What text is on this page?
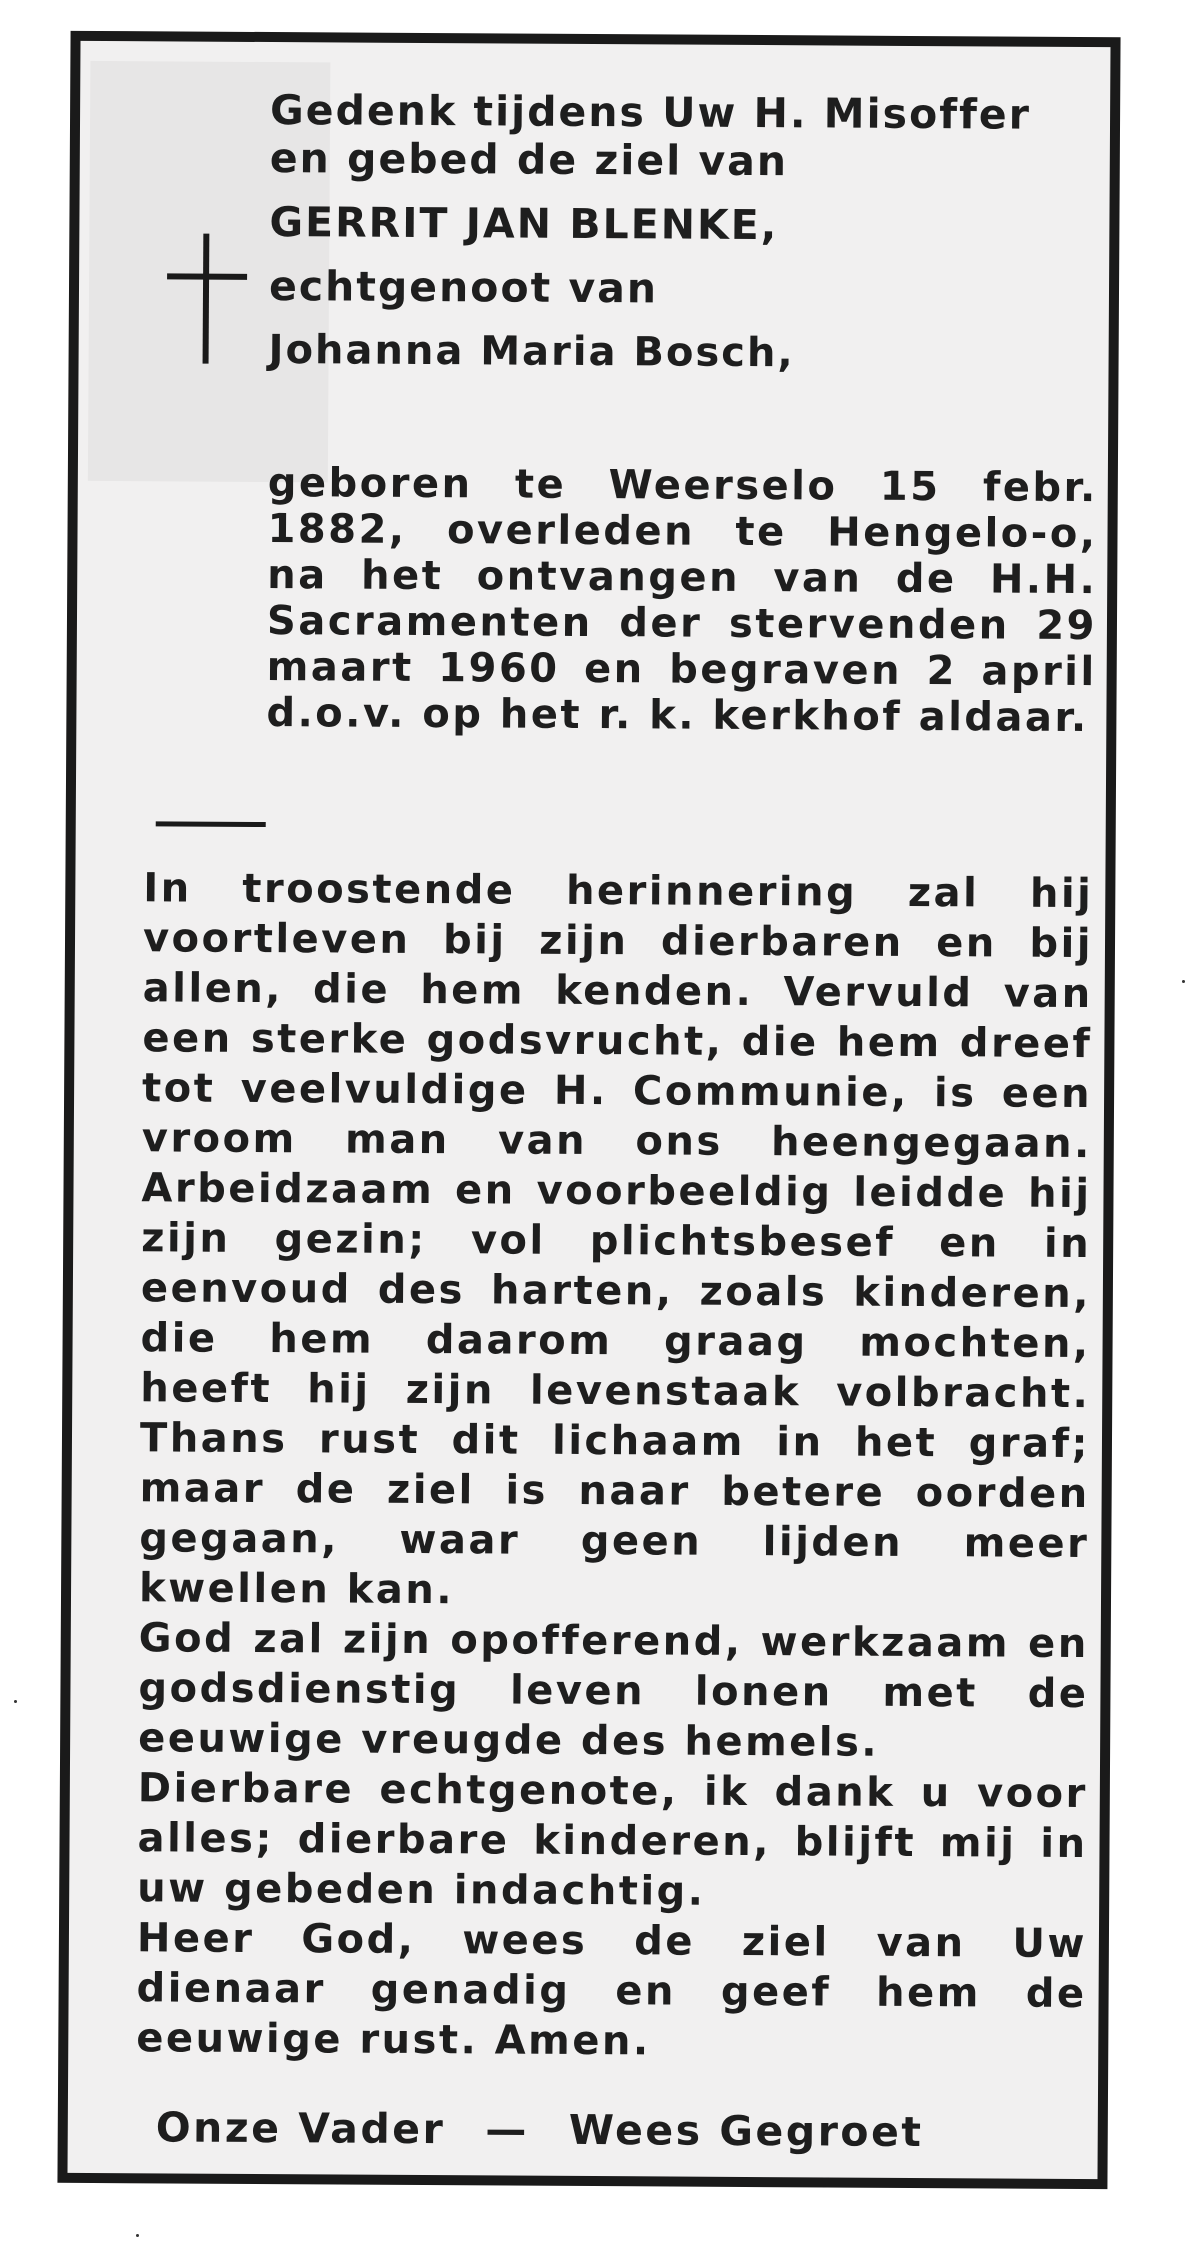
Gedenk tijdens Uw H. Misoffer
en gebed de ziel van
GERRIT JAN BLENKE,
echtgenoot van
Johanna Maria Bosch,

geboren te Weerselo 15 febr. 1882, overleden te Hengelo-o, na het ontvangen van de H.H. Sacramenten der stervenden 29 maart 1960 en begraven 2 april d.o.v. op het r. k. kerkhof aldaar.

In troostende herinnering zal hij voortleven bij zijn dierbaren en bij allen, die hem kenden. Vervuld van een sterke godsvrucht, die hem dreef tot veelvuldige H. Communie, is een vroom man van ons heengegaan. Arbeidzaam en voorbeeldig leidde hij zijn gezin; vol plichtsbesef en in eenvoud des harten, zoals kinderen, die hem daarom graag mochten, heeft hij zijn levenstaak volbracht. Thans rust dit lichaam in het graf; maar de ziel is naar betere oorden gegaan, waar geen lijden meer kwellen kan.
God zal zijn opofferend, werkzaam en godsdienstig leven lonen met de eeuwige vreugde des hemels.
Dierbare echtgenote, ik dank u voor alles; dierbare kinderen, blijft mij in uw gebeden indachtig.
Heer God, wees de ziel van Uw dienaar genadig en geef hem de eeuwige rust. Amen.
Onze Vader — Wees Gegroet
